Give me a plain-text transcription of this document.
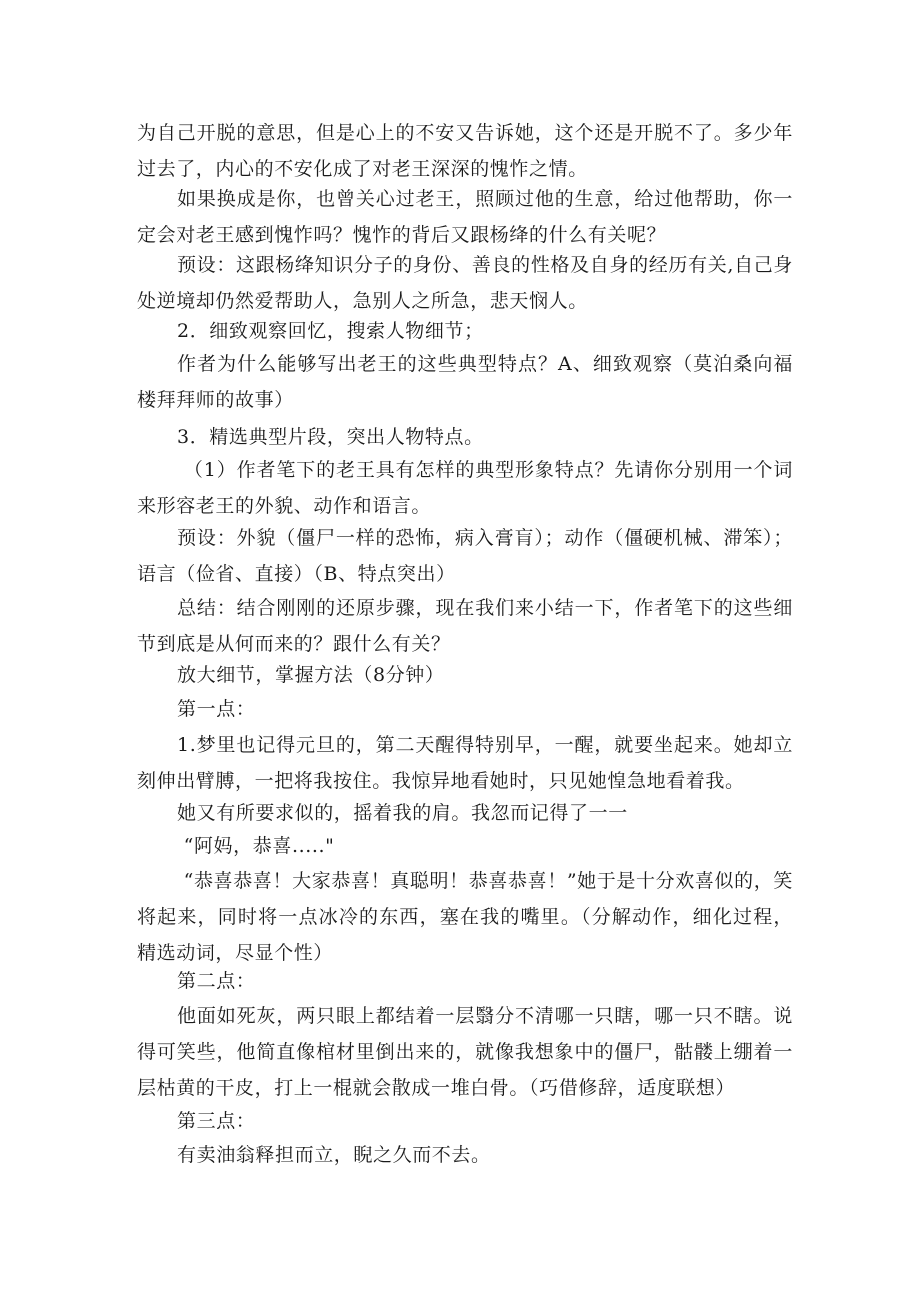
为自己开脱的意思，但是心上的不安又告诉她，这个还是开脱不了。多少年过去了，内心的不安化成了对老王深深的愧怍之情。

如果换成是你，也曾关心过老王，照顾过他的生意，给过他帮助，你一定会对老王感到愧怍吗？愧怍的背后又跟杨绛的什么有关呢？

预设：这跟杨绛知识分子的身份、善良的性格及自身的经历有关,自己身处逆境却仍然爱帮助人，急别人之所急，悲天悯人。

2．细致观察回忆，搜索人物细节；

作者为什么能够写出老王的这些典型特点？A、细致观察（莫泊桑向福楼拜拜师的故事）

3．精选典型片段，突出人物特点。

（1）作者笔下的老王具有怎样的典型形象特点？先请你分别用一个词来形容老王的外貌、动作和语言。

预设：外貌（僵尸一样的恐怖，病入膏肓）；动作（僵硬机械、滞笨）；语言（俭省、直接）（B、特点突出）

总结：结合刚刚的还原步骤，现在我们来小结一下，作者笔下的这些细节到底是从何而来的？跟什么有关？

放大细节，掌握方法（8分钟）

第一点：

1.梦里也记得元旦的，第二天醒得特别早，一醒，就要坐起来。她却立刻伸出臂膊，一把将我按住。我惊异地看她时，只见她惶急地看着我。

她又有所要求似的，摇着我的肩。我忽而记得了一一

“阿妈，恭喜....."

“恭喜恭喜！大家恭喜！真聪明！恭喜恭喜！”她于是十分欢喜似的，笑将起来，同时将一点冰冷的东西，塞在我的嘴里。（分解动作，细化过程，精选动词，尽显个性）

第二点：

他面如死灰，两只眼上都结着一层翳分不清哪一只瞎，哪一只不瞎。说得可笑些，他简直像棺材里倒出来的，就像我想象中的僵尸，骷髅上绷着一层枯黄的干皮，打上一棍就会散成一堆白骨。（巧借修辞，适度联想）

第三点：

有卖油翁释担而立，睨之久而不去。
